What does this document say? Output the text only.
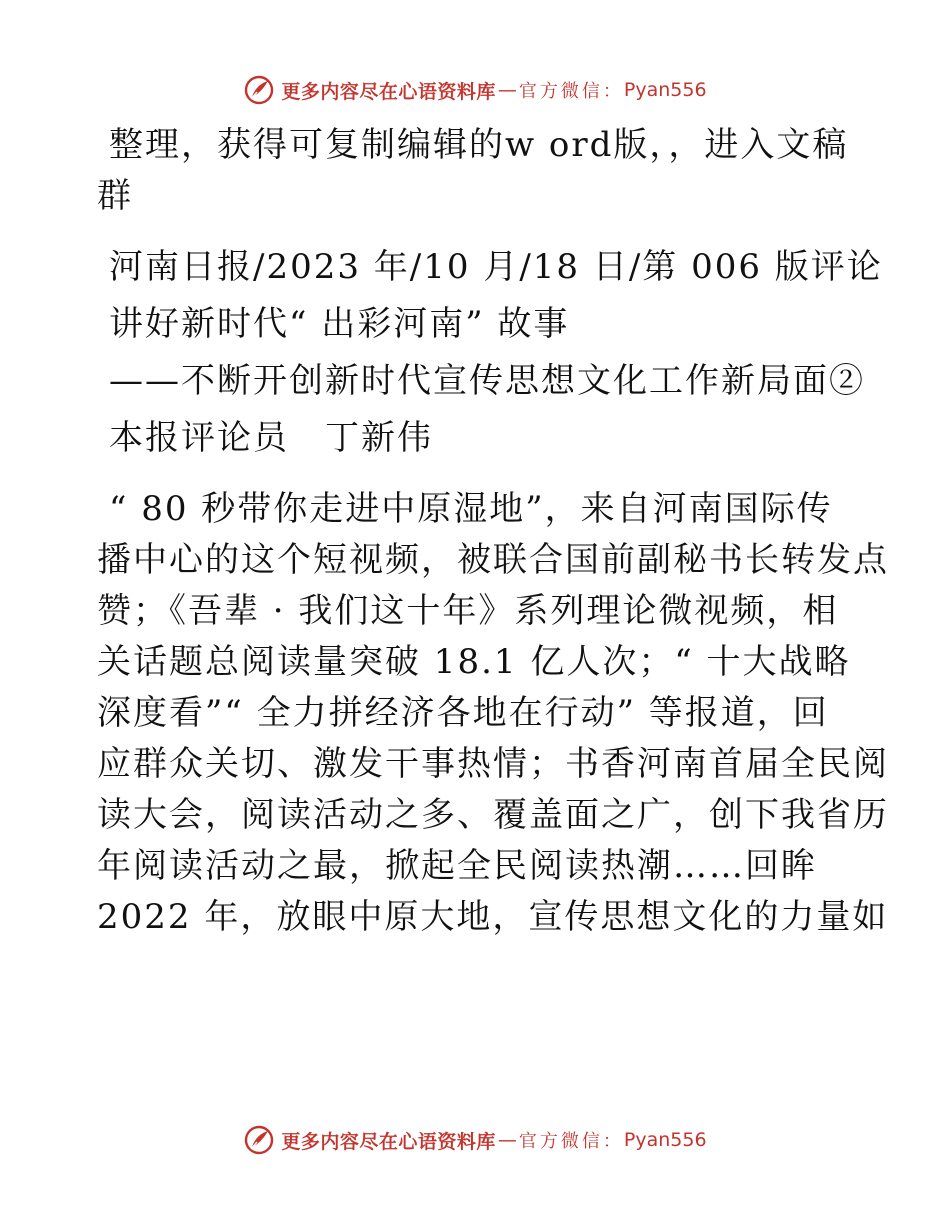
更多内容尽在心语资料库 — 官方微信： Pyan556
整理，获得可复制编辑的w ord版，，进入文稿
群
河南日报/2023 年/10 月/18 日/第 006 版评论
讲好新时代“ 出彩河南” 故事
——不断开创新时代宣传思想文化工作新局面②
本报评论员　丁新伟
“ 80 秒带你走进中原湿地”，来自河南国际传
播中心的这个短视频，被联合国前副秘书长转发点
赞；《吾辈 · 我们这十年》系列理论微视频，相
关话题总阅读量突破 18.1 亿人次；“ 十大战略
深度看”“ 全力拼经济各地在行动” 等报道，回
应群众关切、激发干事热情；书香河南首届全民阅
读大会，阅读活动之多、覆盖面之广，创下我省历
年阅读活动之最，掀起全民阅读热潮……回眸
2022 年，放眼中原大地，宣传思想文化的力量如
更多内容尽在心语资料库 — 官方微信： Pyan556
